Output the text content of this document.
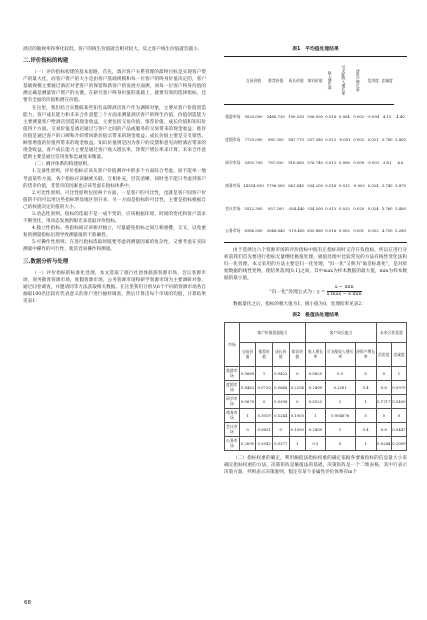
酒店的敏规率和事化较低，客户的线生价值就会相对较大，反之客户线生价值就会越小。

二.评价指标的构建

（一）评价指标构建的基本思路，首先，酒店客户关系管理的最终目标是实现客户资产的最大化，而客户资产的大小是由客户基础规模和每一位客户的终身价值决定的，客户基础规模主要通过酒店对老客户的保留和新客户的发展方面测，而每一位客户终身价值的测定确是测量客户资产的关键。在研究客户终身价值的基础上，就要有效的选择指标，还要有全面的价值和潜在价值。

在这里，我们结合实数据某些知名品牌酒店客户作为调研对象，主要从客户价值创造能力、客户成长能力和未来合作意愿三个方面来测量酒店客户的终生价值，价值创造能力主要测量客户给酒店创造的现金收益，主要包括交易价值、推荐价值、成长价值和知识价值四个方面。交易价值是酒店通过与客户之间的产品或服务的交易带来的现金收益；推荐价值是通过客户的口碑和介绍带回新价值宗带来的现金收益；成长价值主要是交叉销售、顾客增值的价值所带来的现金收益；知识价值则是因为客户的反馈和意见而给酒店带来的现金收益。客户成长能力主要是通过客户收入增长率，净资产增长率来计算；未来合作意愿则主要是通过信用度和忠诚度来衡量。

（二）测评体系的构建原则。

1.完备性原则，评价指标应该从客户价值测评中的多个方面综合考虑，而不能单一地考虑某些方面，各个指标应该触密关联，互相补充，层次清晰，同时也不能只考虑到客户的货币价值，非货币的因素也应该考虑在指标体系中。

2.可比性原则。可比性原则包括两个方面，一是客户的可比性，也就是客户间客户价值的不同可以用这些指标明显地区别开来，另一方面是指标的可比性，主要是指标根据自己的权重决定价值的大小。

3.动态性原则。指标的选取不是一成不变的，应该根据环境、时间的变化和客户需求不断变化，用动态发展的眼光来选取评价指标。

4.独立性指标。各指标间应该相对独立，尽量避免指标之间互相重叠，交叉，以免重复的测量指标出现导致测量值的不准确性。

5.可操作性原则。在进行指标选取时既要考虑到测量因素的复杂性，又要考虑在实际测量中操作的可行性，使其容易操作和测量。

三.数据分析与处理

（一）评价指标的标准化处理，本文选取了旅行社团体旅游客源市场，会议客源市场，商务散客客源市场，度假客源市场，公务客源市场和研学客源市场为主要调研对象，通过问卷调查，并邀请同等方法获取相关数据。在这里我们分别从6个不同的客源市场各自抽取100名比较有代表意义的客户进行抽样调查，然后计算出每个市场的均值，计算结果见表1：

表1　平均值处理结果
	交易价值	推荐价值	成长价值	知识价值	收入增长率	可支配收入增长率	净资产增长率	信用度	忠诚度	
旅游市场	9520.000	3466.720	190.550	556.000	0.016	0.004	0.002	-0.094	4.15	4.40
度假市场	7725.000	981.300	947.770	557.380	0.013	-0.001	0.002	0.021	3.780	3.400
研学市场	3392.700	787.930	916.680	576.740	0.013	0.006	0.009	-0.001	3.81	4.6
商务市场	14354.030	1796.500	861.840	554.200	0.016	0.013	-0.002	0.024	3.740	3.470
会议市场	5512.300	957.200	-284.440	534.500	0.015	0.025	0.020	0.024	3.760	3.460
公务市场	6186.500	3048.640	-119.400	635.860	0.016	0.002	0.001	0.002	4.750	3.280

由于选择这六个客源市场的评价指标中既有正指标同时又存在负指标，所以在进行分析前我们首先要进行指标无量纲化极值处理，极值处理中比较常见的方法有线性变化法和归一化处理，本文采用的方法主要是归一化处理，"归一化"又称为"离差标准化"，是对原始数据的线性变换，使结果落到[0,1]之间，其中max为样本数据的最大值，min为样本数据的最小值。

"归一化"处理公式为：$y = \frac{x - \min}{\text{x max − x min}}$

数据量化之后，指标的极大值为1，极小值为0，处理结果见表2：

表2　极值法处理结果
市场	客户价值创造能力				客户成长能力			未来合作意愿	
	交易价值	推荐价值	成长价值	知识价值	收入增长率	可支配收入增长率	净资产增长率	信用度	忠诚度
旅游市场	0.5669	1	0.9422	0	0.0825	0.3	0	0	1
度假市场	0.4462	0.0720	0.5648	0.2204	0.2499	0.2581	0.4	0.8	0.0975
研学市场	0.0670	0	0.5508	0	0.0525	1	1	0.1717	0.5400
商务市场	1	0.3019	0.5244	0.1003	1	0.904676	0	0	0
会议市场	0	0.0631	0	0.1050	0.2499	1	0.4	0.8	0.0447
公务市场	0.2695	0.5943	0.0377	1	0.5	0	1	0.0244	0.2099

（二）指标权重的确定。利用熵值法指标权重的确定依据各要素指标的信息量大小来确定指标权重的方法，决策矩阵是熵值法的基础，决策矩阵是一个二维表格，其中行表示决策方案，列则表示决策准则，假定有某个多属性评价体系有m个

68
